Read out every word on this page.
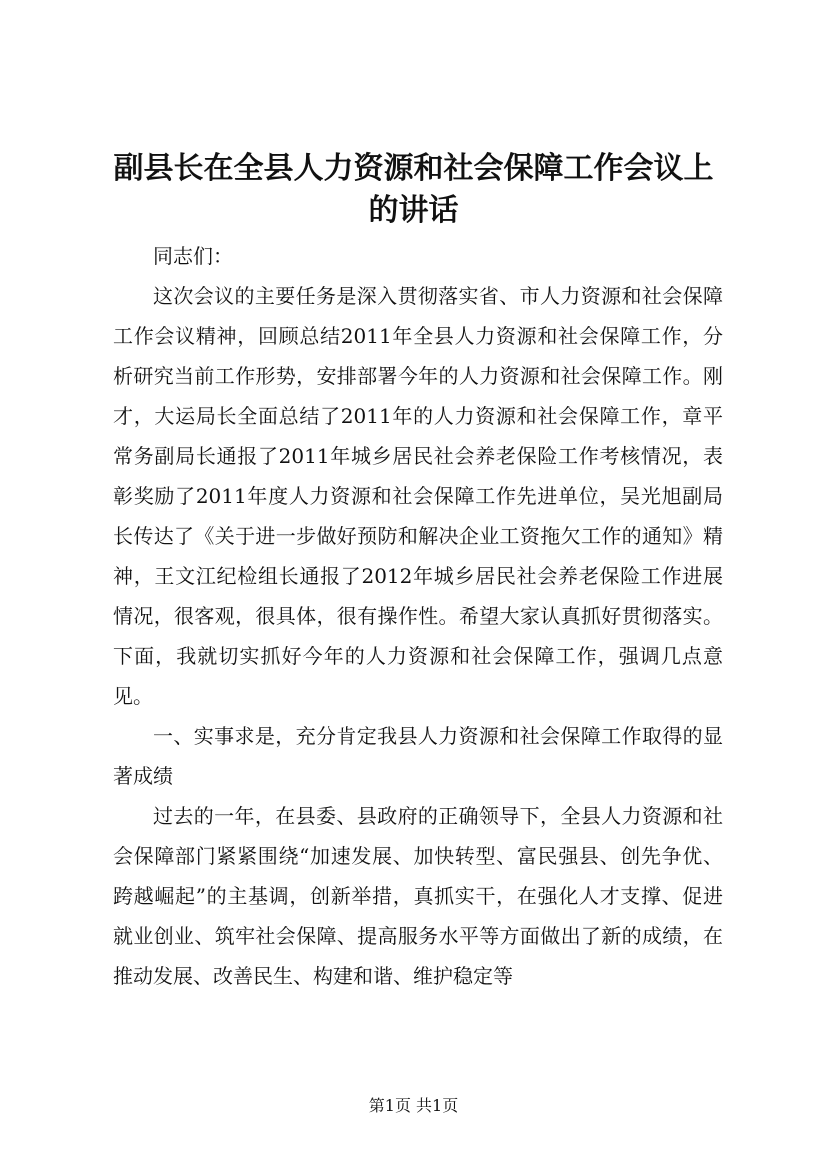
副县长在全县人力资源和社会保障工作会议上
的讲话

同志们：

这次会议的主要任务是深入贯彻落实省、市人力资源和社会保障工作会议精神，回顾总结2011年全县人力资源和社会保障工作，分析研究当前工作形势，安排部署今年的人力资源和社会保障工作。刚才，大运局长全面总结了2011年的人力资源和社会保障工作，章平常务副局长通报了2011年城乡居民社会养老保险工作考核情况，表彰奖励了2011年度人力资源和社会保障工作先进单位，吴光旭副局长传达了《关于进一步做好预防和解决企业工资拖欠工作的通知》精神，王文江纪检组长通报了2012年城乡居民社会养老保险工作进展情况，很客观，很具体，很有操作性。希望大家认真抓好贯彻落实。下面，我就切实抓好今年的人力资源和社会保障工作，强调几点意见。

一、实事求是，充分肯定我县人力资源和社会保障工作取得的显著成绩

过去的一年，在县委、县政府的正确领导下，全县人力资源和社会保障部门紧紧围绕“加速发展、加快转型、富民强县、创先争优、跨越崛起”的主基调，创新举措，真抓实干，在强化人才支撑、促进就业创业、筑牢社会保障、提高服务水平等方面做出了新的成绩，在推动发展、改善民生、构建和谐、维护稳定等

第1页 共1页
